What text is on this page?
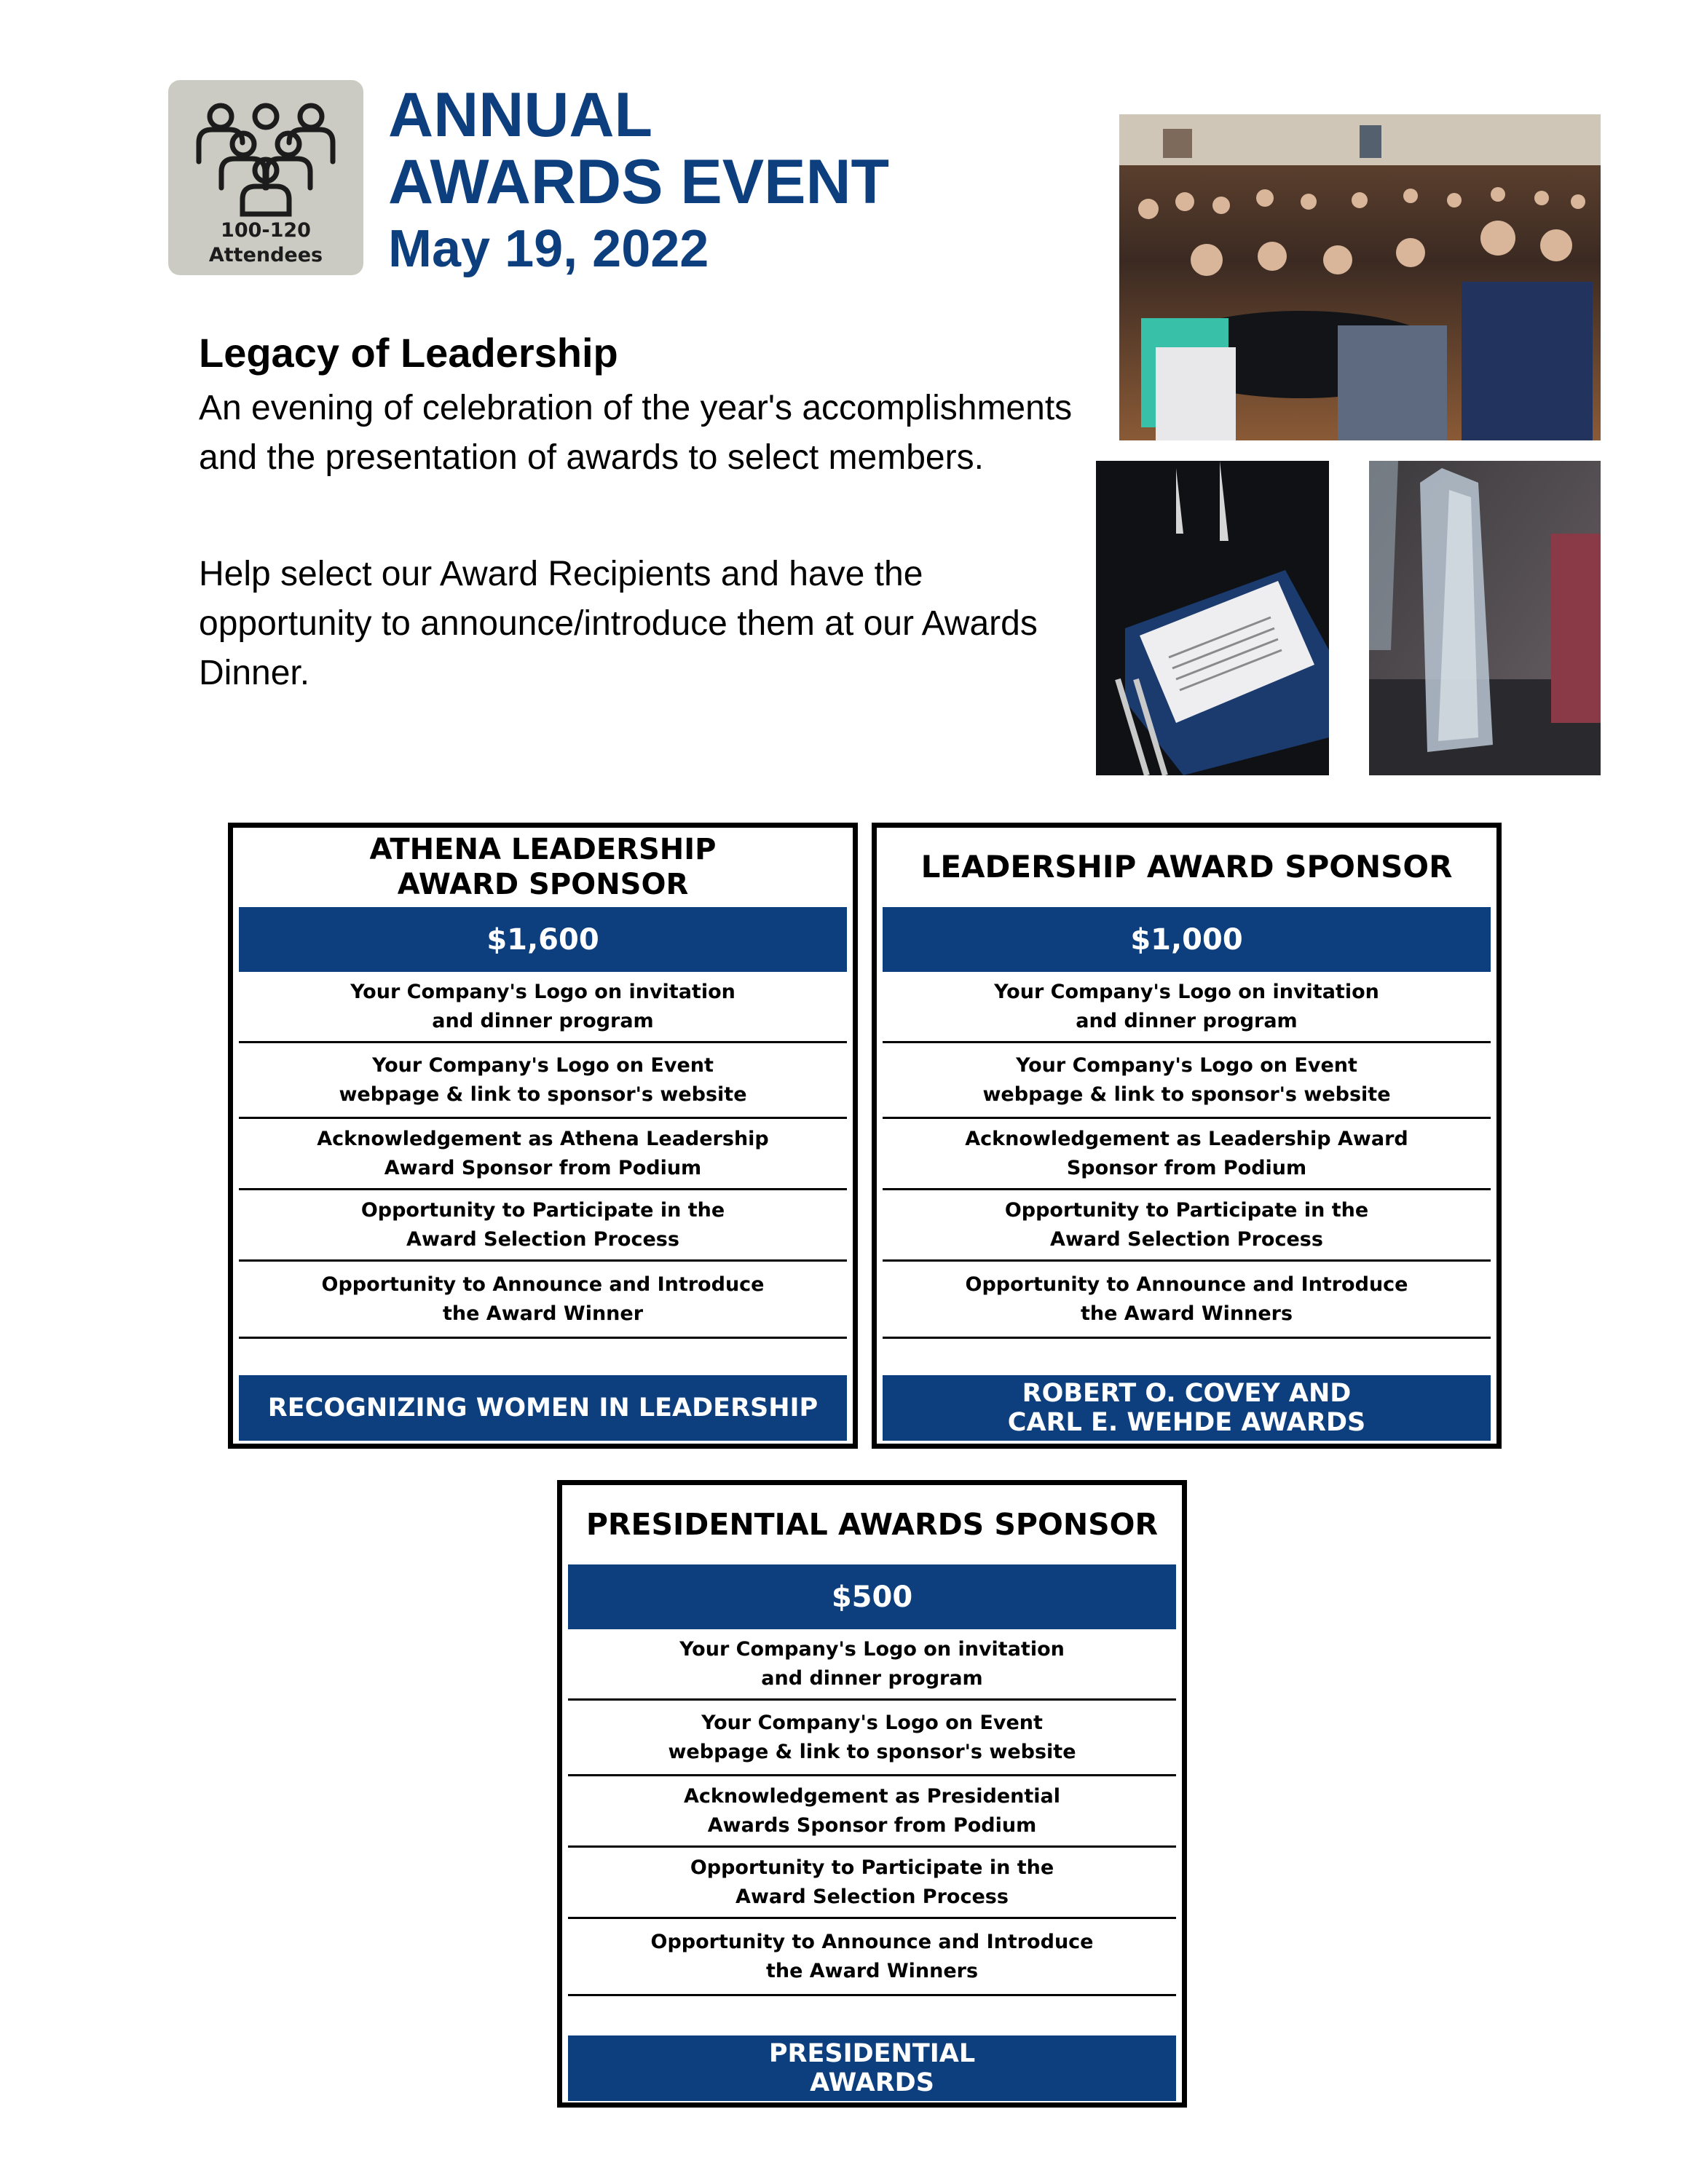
100-120
Attendees
ANNUAL
AWARDS EVENT
May 19, 2022
Legacy of Leadership
An evening of celebration of the year's accomplishments and the presentation of awards to select members.
Help select our Award Recipients and have the opportunity to announce/introduce them at our Awards Dinner.
ATHENA LEADERSHIP
AWARD SPONSOR
$1,600
Your Company's Logo on invitation
and dinner program
Your Company's Logo on Event
webpage & link to sponsor's website
Acknowledgement as Athena Leadership
Award Sponsor from Podium
Opportunity to Participate in the
Award Selection Process
Opportunity to Announce and Introduce
the Award Winner
RECOGNIZING WOMEN IN LEADERSHIP
LEADERSHIP AWARD SPONSOR
$1,000
Your Company's Logo on invitation
and dinner program
Your Company's Logo on Event
webpage & link to sponsor's website
Acknowledgement as Leadership Award
Sponsor from Podium
Opportunity to Participate in the
Award Selection Process
Opportunity to Announce and Introduce
the Award Winners
ROBERT O. COVEY AND
CARL E. WEHDE AWARDS
PRESIDENTIAL AWARDS SPONSOR
$500
Your Company's Logo on invitation
and dinner program
Your Company's Logo on Event
webpage & link to sponsor's website
Acknowledgement as Presidential
Awards Sponsor from Podium
Opportunity to Participate in the
Award Selection Process
Opportunity to Announce and Introduce
the Award Winners
PRESIDENTIAL
AWARDS
